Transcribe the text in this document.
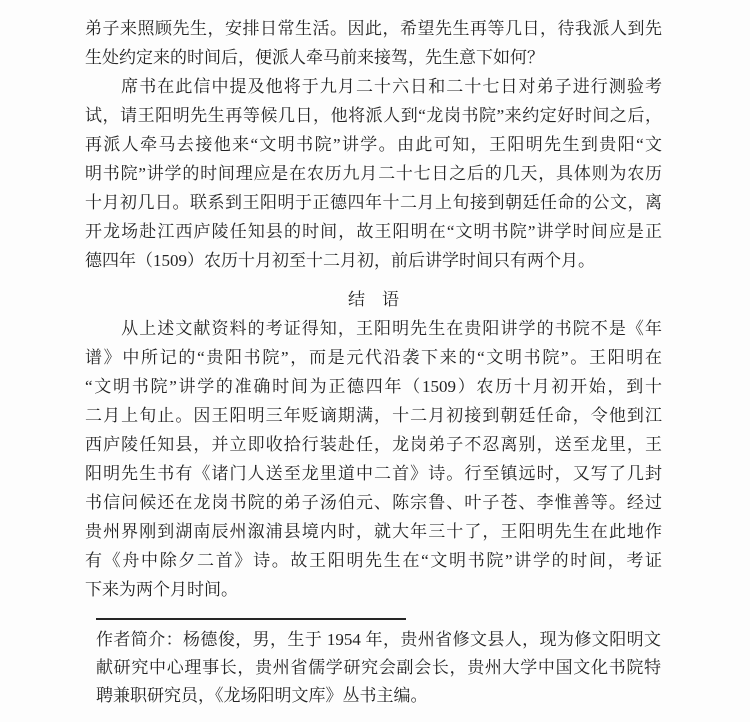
弟子来照顾先生，安排日常生活。因此，希望先生再等几日，待我派人到先
生处约定来的时间后，便派人牵马前来接驾，先生意下如何？
　　席书在此信中提及他将于九月二十六日和二十七日对弟子进行测验考
试，请王阳明先生再等候几日，他将派人到“龙岗书院”来约定好时间之后，
再派人牵马去接他来“文明书院”讲学。由此可知，王阳明先生到贵阳“文
明书院”讲学的时间理应是在农历九月二十七日之后的几天，具体则为农历
十月初几日。联系到王阳明于正德四年十二月上旬接到朝廷任命的公文，离
开龙场赴江西庐陵任知县的时间，故王阳明在“文明书院”讲学时间应是正
德四年（1509）农历十月初至十二月初，前后讲学时间只有两个月。
结　语
　　从上述文献资料的考证得知，王阳明先生在贵阳讲学的书院不是《年
谱》中所记的“贵阳书院”，而是元代沿袭下来的“文明书院”。王阳明在
“文明书院”讲学的准确时间为正德四年（1509）农历十月初开始，到十
二月上旬止。因王阳明三年贬谪期满，十二月初接到朝廷任命，令他到江
西庐陵任知县，并立即收拾行装赴任，龙岗弟子不忍离别，送至龙里，王
阳明先生书有《诸门人送至龙里道中二首》诗。行至镇远时，又写了几封
书信问候还在龙岗书院的弟子汤伯元、陈宗鲁、叶子苍、李惟善等。经过
贵州界刚到湖南辰州溆浦县境内时，就大年三十了，王阳明先生在此地作
有《舟中除夕二首》诗。故王阳明先生在“文明书院”讲学的时间，考证
下来为两个月时间。
作者简介：杨德俊，男，生于 1954 年，贵州省修文县人，现为修文阳明文
献研究中心理事长，贵州省儒学研究会副会长，贵州大学中国文化书院特
聘兼职研究员，《龙场阳明文库》丛书主编。
